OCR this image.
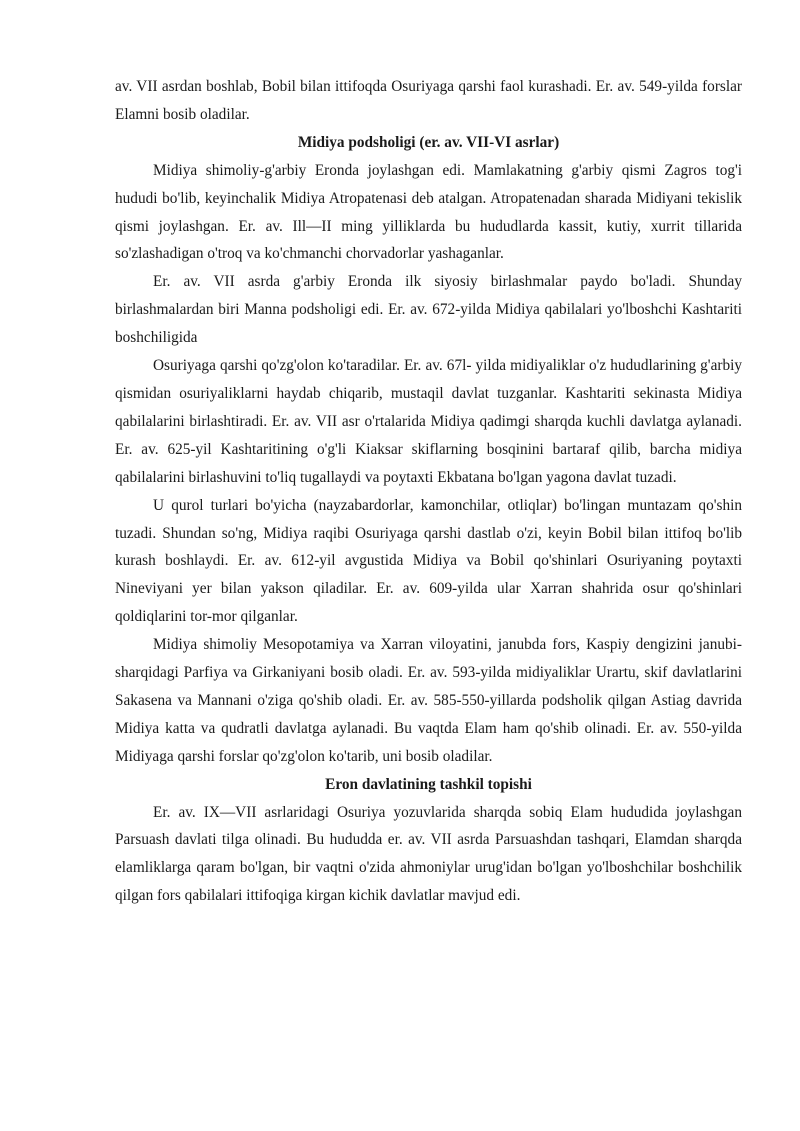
av. VII asrdan boshlab, Bobil bilan ittifoqda Osuriyaga qarshi faol kurashadi. Er. av. 549-yilda forslar Elamni bosib oladilar.

Midiya podsholigi (er. av. VII-VI asrlar)

Midiya shimoliy-g'arbiy Eronda joylashgan edi. Mamlakatning g'arbiy qismi Zagros tog'i hududi bo'lib, keyinchalik Midiya Atropatenasi deb atalgan. Atropatenadan sharada Midiyani tekislik qismi joylashgan. Er. av. Ill—II ming yilliklarda bu hududlarda kassit, kutiy, xurrit tillarida so'zlashadigan o'troq va ko'chmanchi chorvadorlar yashaganlar.

Er. av. VII asrda g'arbiy Eronda ilk siyosiy birlashmalar paydo bo'ladi. Shunday birlashmalardan biri Manna podsholigi edi. Er. av. 672-yilda Midiya qabilalari yo'lboshchi Kashtariti boshchiligida

Osuriyaga qarshi qo'zg'olon ko'taradilar. Er. av. 67l- yilda midiyaliklar o'z hududlarining g'arbiy qismidan osuriyaliklarni haydab chiqarib, mustaqil davlat tuzganlar. Kashtariti sekinasta Midiya qabilalarini birlashtiradi. Er. av. VII asr o'rtalarida Midiya qadimgi sharqda kuchli davlatga aylanadi. Er. av. 625-yil Kashtaritining o'g'li Kiaksar skiflarning bosqinini bartaraf qilib, barcha midiya qabilalarini birlashuvini to'liq tugallaydi va poytaxti Ekbatana bo'lgan yagona davlat tuzadi.

U qurol turlari bo'yicha (nayzabardorlar, kamonchilar, otliqlar) bo'lingan muntazam qo'shin tuzadi. Shundan so'ng, Midiya raqibi Osuriyaga qarshi dastlab o'zi, keyin Bobil bilan ittifoq bo'lib kurash boshlaydi. Er. av. 612-yil avgustida Midiya va Bobil qo'shinlari Osuriyaning poytaxti Nineviyani yer bilan yakson qiladilar. Er. av. 609-yilda ular Xarran shahrida osur qo'shinlari qoldiqlarini tor-mor qilganlar.

Midiya shimoliy Mesopotamiya va Xarran viloyatini, janubda fors, Kaspiy dengizini janubi-sharqidagi Parfiya va Girkaniyani bosib oladi. Er. av. 593-yilda midiyaliklar Urartu, skif davlatlarini Sakasena va Mannani o'ziga qo'shib oladi. Er. av. 585-550-yillarda podsholik qilgan Astiag davrida Midiya katta va qudratli davlatga aylanadi. Bu vaqtda Elam ham qo'shib olinadi. Er. av. 550-yilda Midiyaga qarshi forslar qo'zg'olon ko'tarib, uni bosib oladilar.

Eron davlatining tashkil topishi

Er. av. IX—VII asrlaridagi Osuriya yozuvlarida sharqda sobiq Elam hududida joylashgan Parsuash davlati tilga olinadi. Bu hududda er. av. VII asrda Parsuashdan tashqari, Elamdan sharqda elamliklarga qaram bo'lgan, bir vaqtni o'zida ahmoniylar urug'idan bo'lgan yo'lboshchilar boshchilik qilgan fors qabilalari ittifoqiga kirgan kichik davlatlar mavjud edi.
